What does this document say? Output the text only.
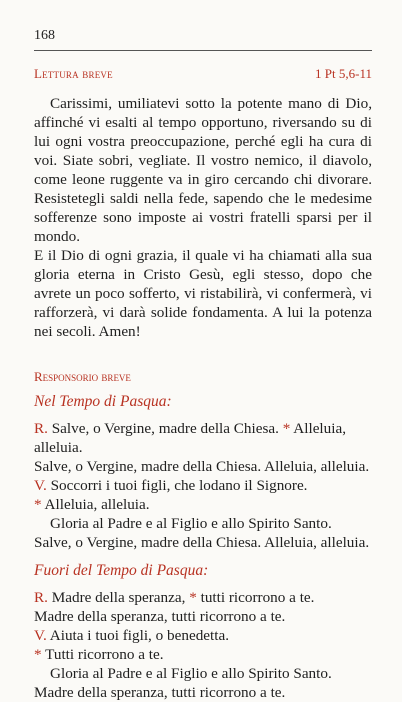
168
Lettura breve	1 Pt 5,6-11

Carissimi, umiliatevi sotto la potente mano di Dio, affinché vi esalti al tempo opportuno, riversando su di lui ogni vostra preoccupazione, perché egli ha cura di voi. Siate sobri, vegliate. Il vostro nemico, il diavolo, come leone ruggente va in giro cercando chi divorare. Resistetegli saldi nella fede, sapendo che le medesime sofferenze sono imposte ai vostri fratelli sparsi per il mondo.

E il Dio di ogni grazia, il quale vi ha chiamati alla sua gloria eterna in Cristo Gesù, egli stesso, dopo che avrete un poco sofferto, vi ristabilirà, vi confermerà, vi rafforzerà, vi darà solide fondamenta. A lui la potenza nei secoli. Amen!

Responsorio breve
Nel Tempo di Pasqua:

R. Salve, o Vergine, madre della Chiesa. * Alleluia, alleluia.

Salve, o Vergine, madre della Chiesa. Alleluia, alleluia.

V. Soccorri i tuoi figli, che lodano il Signore.

* Alleluia, alleluia.

Gloria al Padre e al Figlio e allo Spirito Santo.

Salve, o Vergine, madre della Chiesa. Alleluia, alleluia.

Fuori del Tempo di Pasqua:

R. Madre della speranza, * tutti ricorrono a te.

Madre della speranza, tutti ricorrono a te.

V. Aiuta i tuoi figli, o benedetta.

* Tutti ricorrono a te.

Gloria al Padre e al Figlio e allo Spirito Santo.

Madre della speranza, tutti ricorrono a te.
